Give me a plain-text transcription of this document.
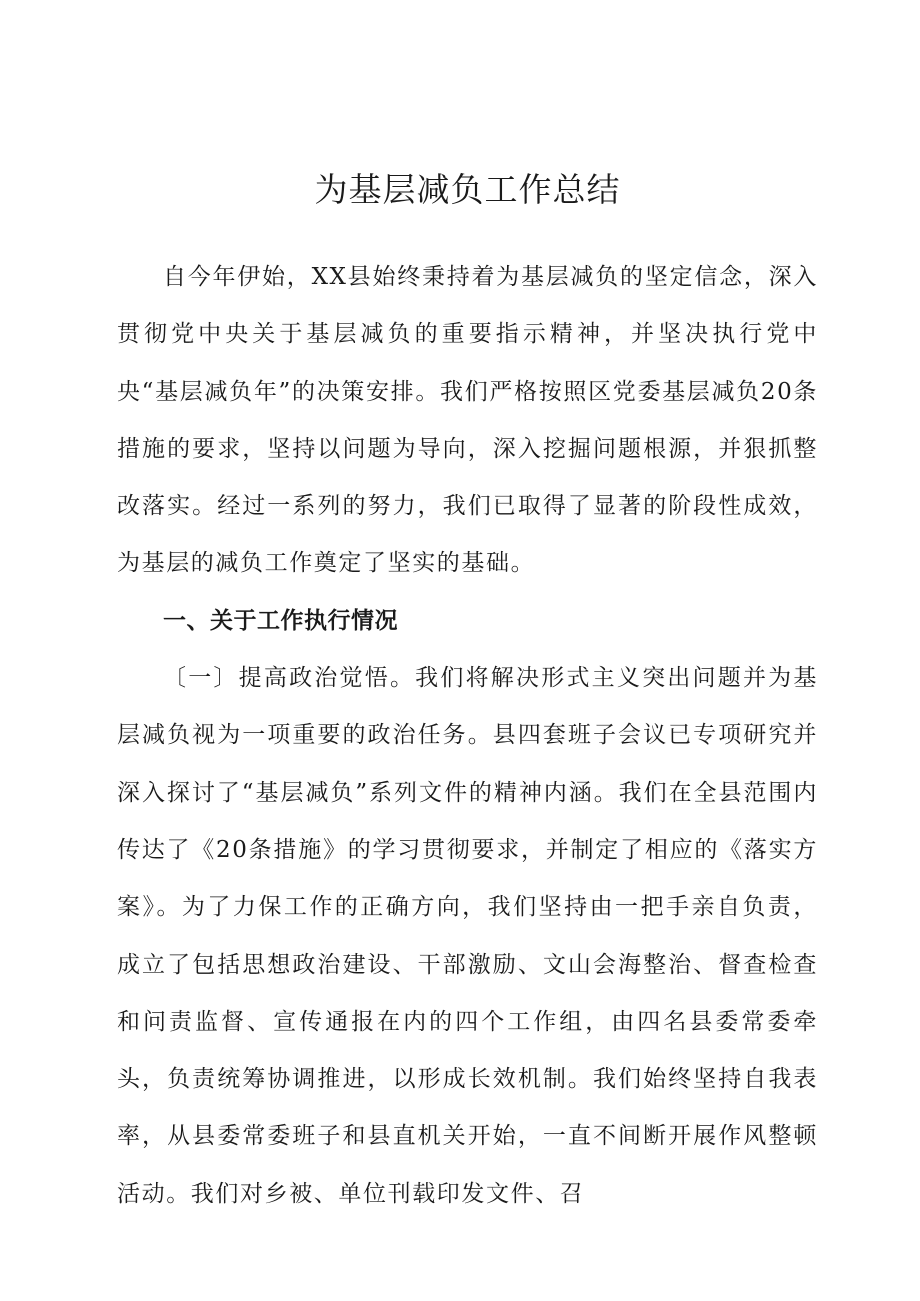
为基层减负工作总结

自今年伊始，XX县始终秉持着为基层减负的坚定信念，深入贯彻党中央关于基层减负的重要指示精神，并坚决执行党中央“基层减负年”的决策安排。我们严格按照区党委基层减负20条措施的要求，坚持以问题为导向，深入挖掘问题根源，并狠抓整改落实。经过一系列的努力，我们已取得了显著的阶段性成效，为基层的减负工作奠定了坚实的基础。

一、关于工作执行情况

〔一〕提高政治觉悟。我们将解决形式主义突出问题并为基层减负视为一项重要的政治任务。县四套班子会议已专项研究并深入探讨了“基层减负”系列文件的精神内涵。我们在全县范围内传达了《20条措施》的学习贯彻要求，并制定了相应的《落实方案》。为了力保工作的正确方向，我们坚持由一把手亲自负责，成立了包括思想政治建设、干部激励、文山会海整治、督查检查和问责监督、宣传通报在内的四个工作组，由四名县委常委牵头，负责统筹协调推进，以形成长效机制。我们始终坚持自我表率，从县委常委班子和县直机关开始，一直不间断开展作风整顿活动。我们对乡被、单位刊载印发文件、召
